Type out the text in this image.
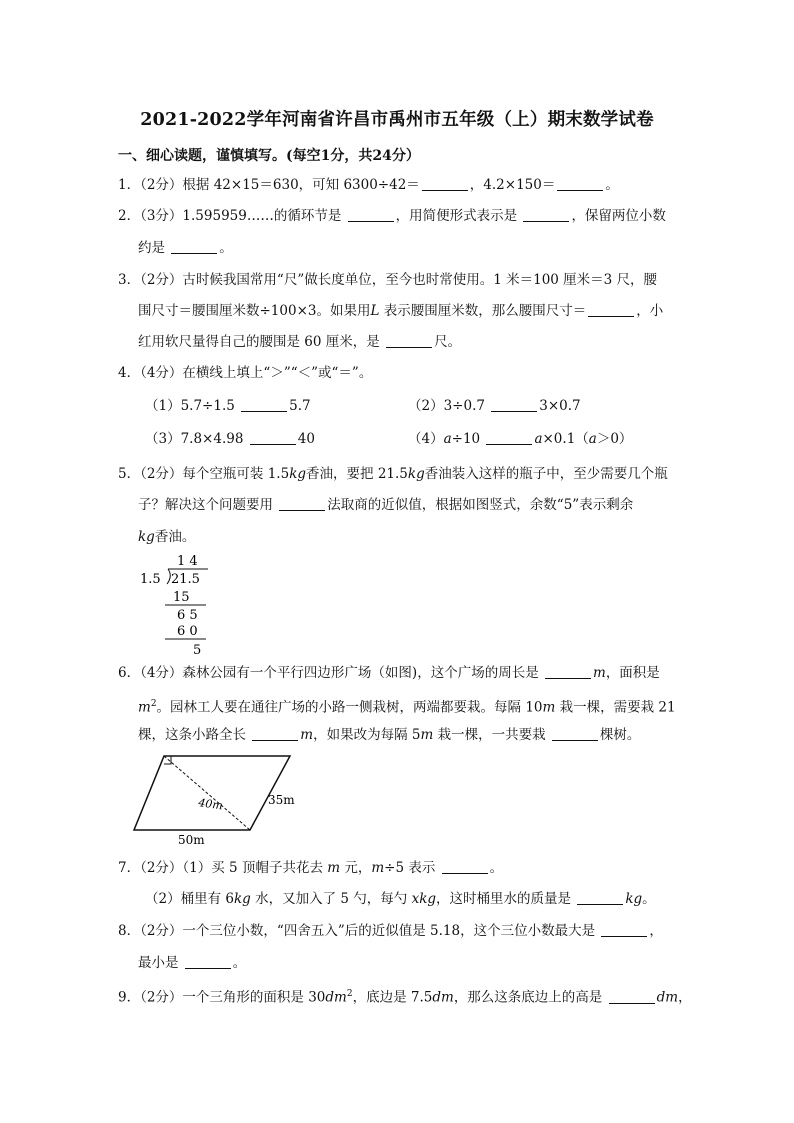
2021-2022学年河南省许昌市禹州市五年级（上）期末数学试卷
一、细心读题，谨慎填写。(每空1分，共24分）
1．（2分）根据 42×15＝630，可知 6300÷42＝	，4.2×150＝	。
2．（3分）1.595959……的循环节是	，用简便形式表示是	，保留两位小数
约是	。
3．（2分）古时候我国常用“尺”做长度单位，至今也时常使用。1 米＝100 厘米＝3 尺，腰
围尺寸＝腰围厘米数÷100×3。如果用L 表示腰围厘米数，那么腰围尺寸＝	，小
红用软尺量得自己的腰围是 60 厘米，是	尺。
4．（4分）在横线上填上“＞”“＜”或“＝”。
（1）5.7÷1.5	5.7	（2）3÷0.7	3×0.7
（3）7.8×4.98	40	（4）a÷10	a×0.1（a＞0）
5．（2分）每个空瓶可装 1.5kg香油，要把 21.5kg香油装入这样的瓶子中，至少需要几个瓶
子？解决这个问题要用	法取商的近似值，根据如图竖式，余数“5”表示剩余
kg香油。
1 4
1.5 21.5
15
6 5
6 0
5
6．（4分）森林公园有一个平行四边形广场（如图)，这个广场的周长是	m，面积是
$m^2$。园林工人要在通往广场的小路一侧栽树，两端都要栽。每隔 10m 栽一棵，需要栽 21
棵，这条小路全长	m，如果改为每隔 5m 栽一棵，一共要栽	棵树。
40m	35m
50m
7．（2分）（1）买 5 顶帽子共花去 m 元，m÷5 表示	。
（2）桶里有 6kg 水，又加入了 5 勺，每勺 xkg，这时桶里水的质量是	kg。
8．（2分）一个三位小数，“四舍五入”后的近似值是 5.18，这个三位小数最大是	，
最小是	。
9．（2分）一个三角形的面积是 $30dm^2$，底边是 7.5dm，那么这条底边上的高是	dm，
